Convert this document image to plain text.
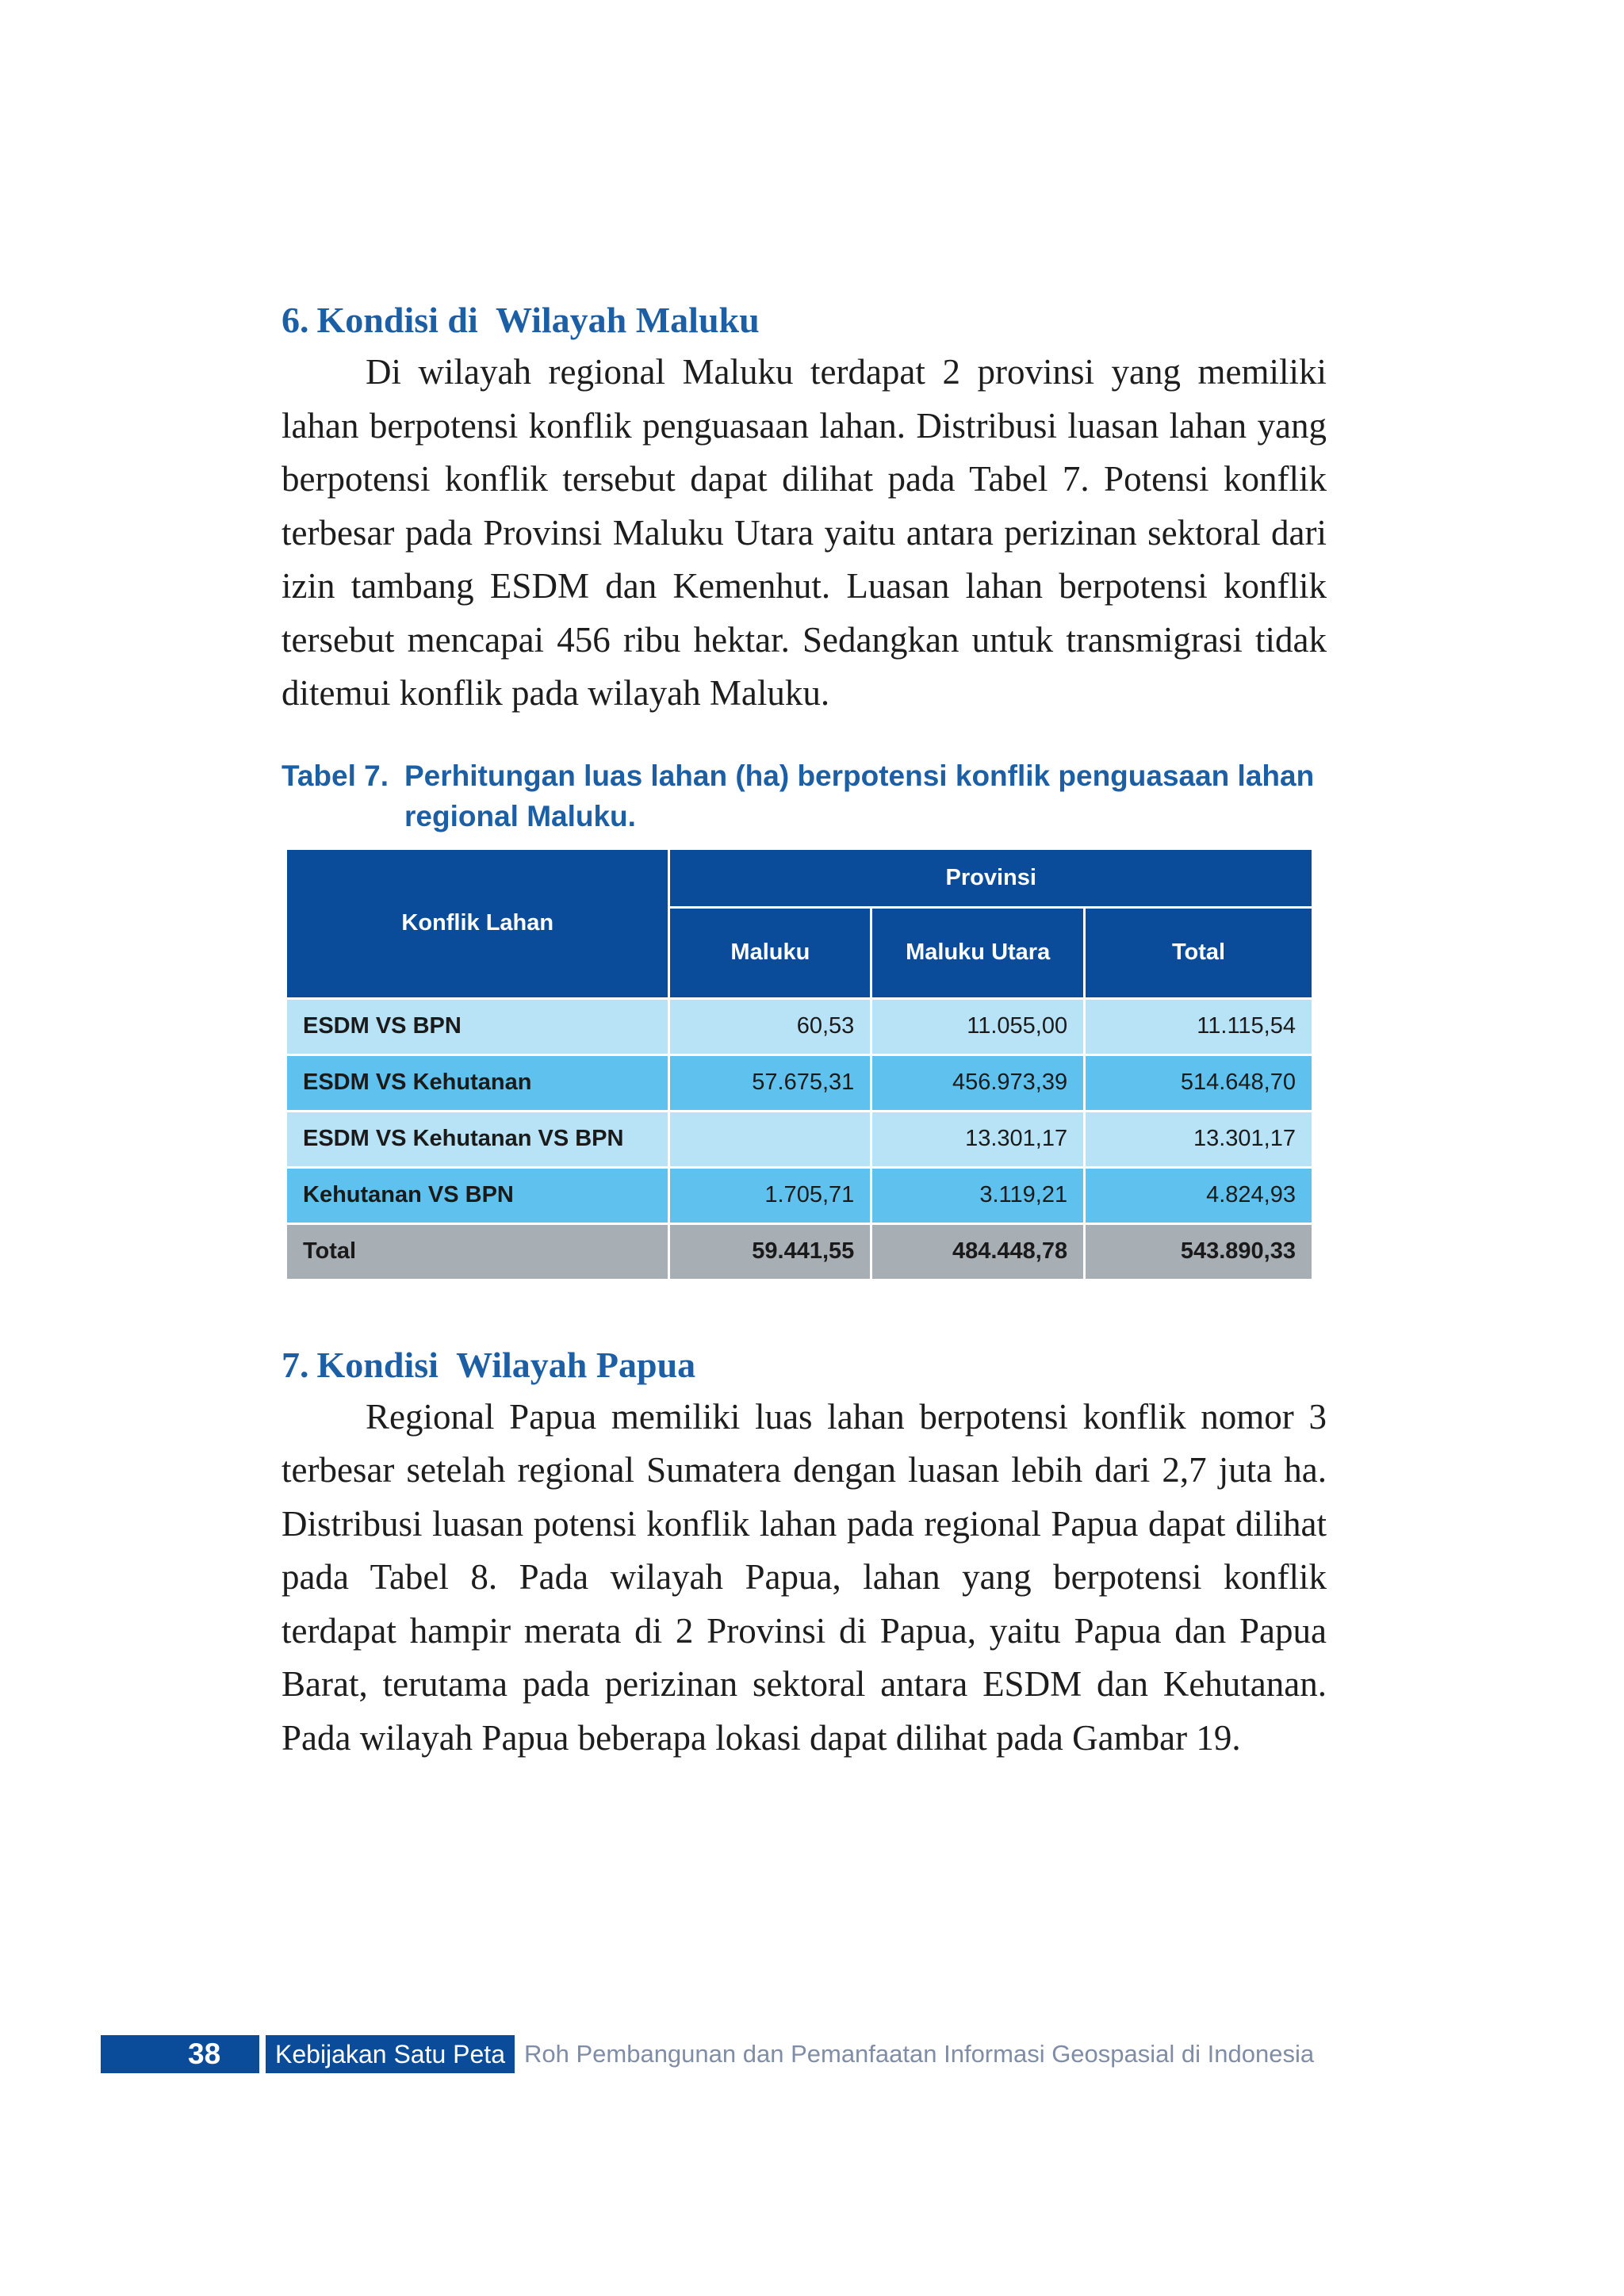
6. Kondisi di  Wilayah Maluku

Di wilayah regional Maluku terdapat 2 provinsi yang memiliki lahan berpotensi konflik penguasaan lahan. Distribusi luasan lahan yang berpotensi konflik tersebut dapat dilihat pada Tabel 7. Potensi konflik terbesar pada Provinsi Maluku Utara yaitu antara perizinan sektoral dari izin tambang ESDM dan Kemenhut. Luasan lahan berpotensi konflik tersebut mencapai 456 ribu hektar. Sedangkan untuk transmigrasi tidak ditemui konflik pada wilayah Maluku.

Tabel 7. Perhitungan luas lahan (ha) berpotensi konflik penguasaan lahan regional Maluku.
Konflik Lahan	Provinsi		
	Maluku	Maluku Utara	Total
ESDM VS BPN	60,53	11.055,00	11.115,54
ESDM VS Kehutanan	57.675,31	456.973,39	514.648,70
ESDM VS Kehutanan VS BPN		13.301,17	13.301,17
Kehutanan VS BPN	1.705,71	3.119,21	4.824,93
Total	59.441,55	484.448,78	543.890,33
7. Kondisi  Wilayah Papua

Regional Papua memiliki luas lahan berpotensi konflik nomor 3 terbesar setelah regional Sumatera dengan luasan lebih dari 2,7 juta ha. Distribusi luasan potensi konflik lahan pada regional Papua dapat dilihat pada Tabel 8. Pada wilayah Papua, lahan yang berpotensi konflik terdapat hampir merata di 2 Provinsi di Papua, yaitu Papua dan Papua Barat, terutama pada perizinan sektoral antara ESDM dan Kehutanan. Pada wilayah Papua beberapa lokasi dapat dilihat pada Gambar 19.

38	Kebijakan Satu Peta Roh Pembangunan dan Pemanfaatan Informasi Geospasial di Indonesia
